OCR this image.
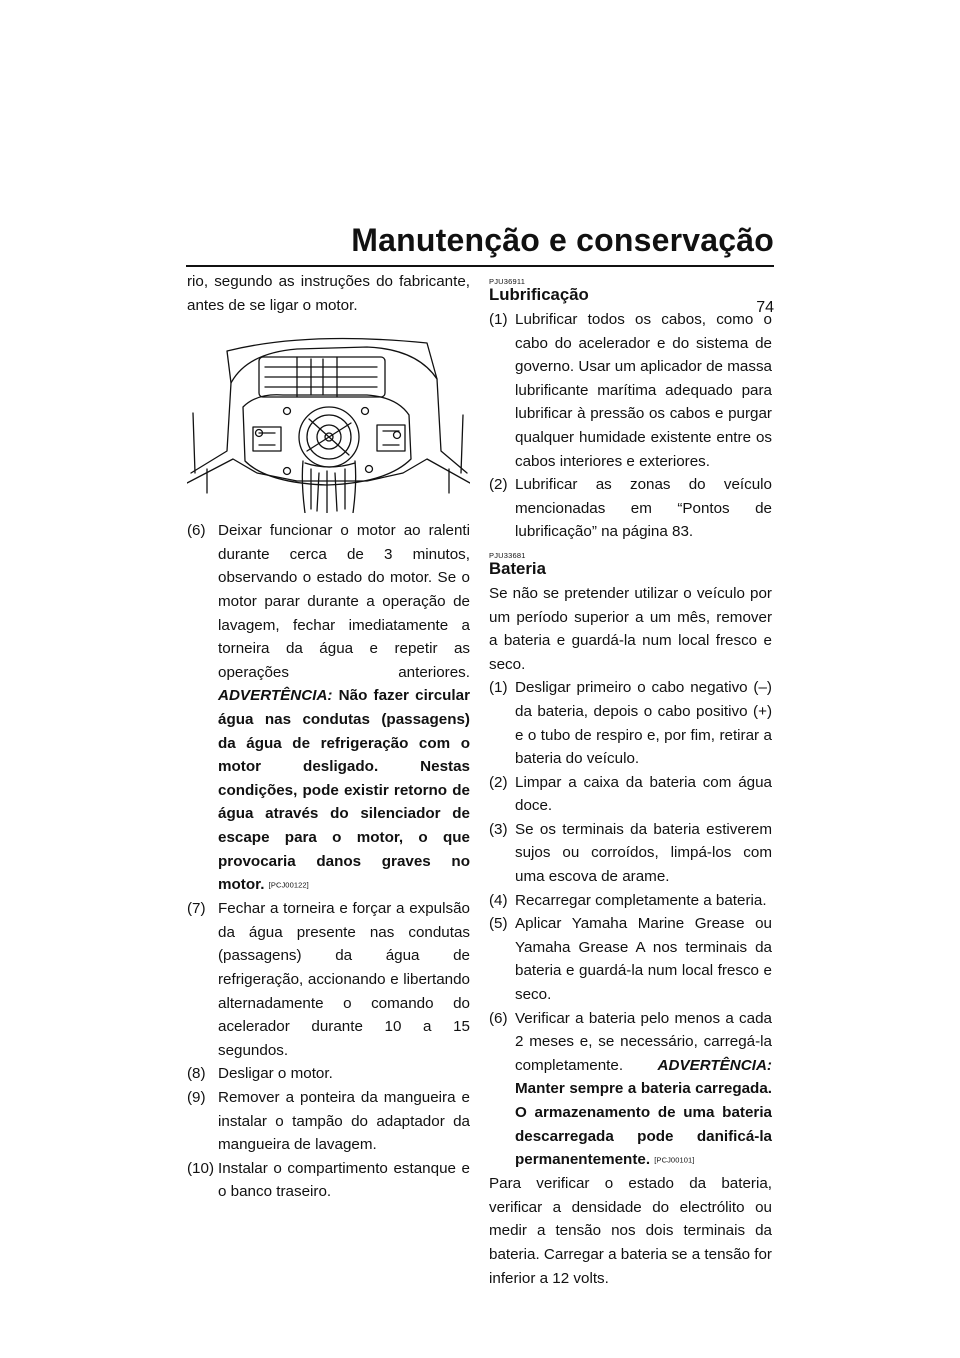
Manutenção e conservação
74

rio, segundo as instruções do fabricante, antes de se ligar o motor.

(6) Deixar funcionar o motor ao ralenti durante cerca de 3 minutos, observando o estado do motor. Se o motor parar durante a operação de lavagem, fechar imediatamente a torneira da água e repetir as operações anteriores. ADVERTÊNCIA: Não fazer circular água nas condutas (passagens) da água de refrigeração com o motor desligado. Nestas condições, pode existir retorno de água através do silenciador de escape para o motor, o que provocaria danos graves no motor. [PCJ00122]
(7) Fechar a torneira e forçar a expulsão da água presente nas condutas (passagens) da água de refrigeração, accionando e libertando alternadamente o comando do acelerador durante 10 a 15 segundos.
(8) Desligar o motor.
(9) Remover a ponteira da mangueira e instalar o tampão do adaptador da mangueira de lavagem.
(10) Instalar o compartimento estanque e o banco traseiro.
PJU36911
Lubrificação
(1) Lubrificar todos os cabos, como o cabo do acelerador e do sistema de governo. Usar um aplicador de massa lubrificante marítima adequado para lubrificar à pressão os cabos e purgar qualquer humidade existente entre os cabos interiores e exteriores.
(2) Lubrificar as zonas do veículo mencionadas em “Pontos de lubrificação” na página 83.
PJU33681
Bateria

Se não se pretender utilizar o veículo por um período superior a um mês, remover a bateria e guardá-la num local fresco e seco.

(1) Desligar primeiro o cabo negativo (–) da bateria, depois o cabo positivo (+) e o tubo de respiro e, por fim, retirar a bateria do veículo.
(2) Limpar a caixa da bateria com água doce.
(3) Se os terminais da bateria estiverem sujos ou corroídos, limpá-los com uma escova de arame.
(4) Recarregar completamente a bateria.
(5) Aplicar Yamaha Marine Grease ou Yamaha Grease A nos terminais da bateria e guardá-la num local fresco e seco.
(6) Verificar a bateria pelo menos a cada 2 meses e, se necessário, carregá-la completamente. ADVERTÊNCIA: Manter sempre a bateria carregada. O armazenamento de uma bateria descarregada pode danificá-la permanentemente. [PCJ00101]

Para verificar o estado da bateria, verificar a densidade do electrólito ou medir a tensão nos dois terminais da bateria. Carregar a bateria se a tensão for inferior a 12 volts.
